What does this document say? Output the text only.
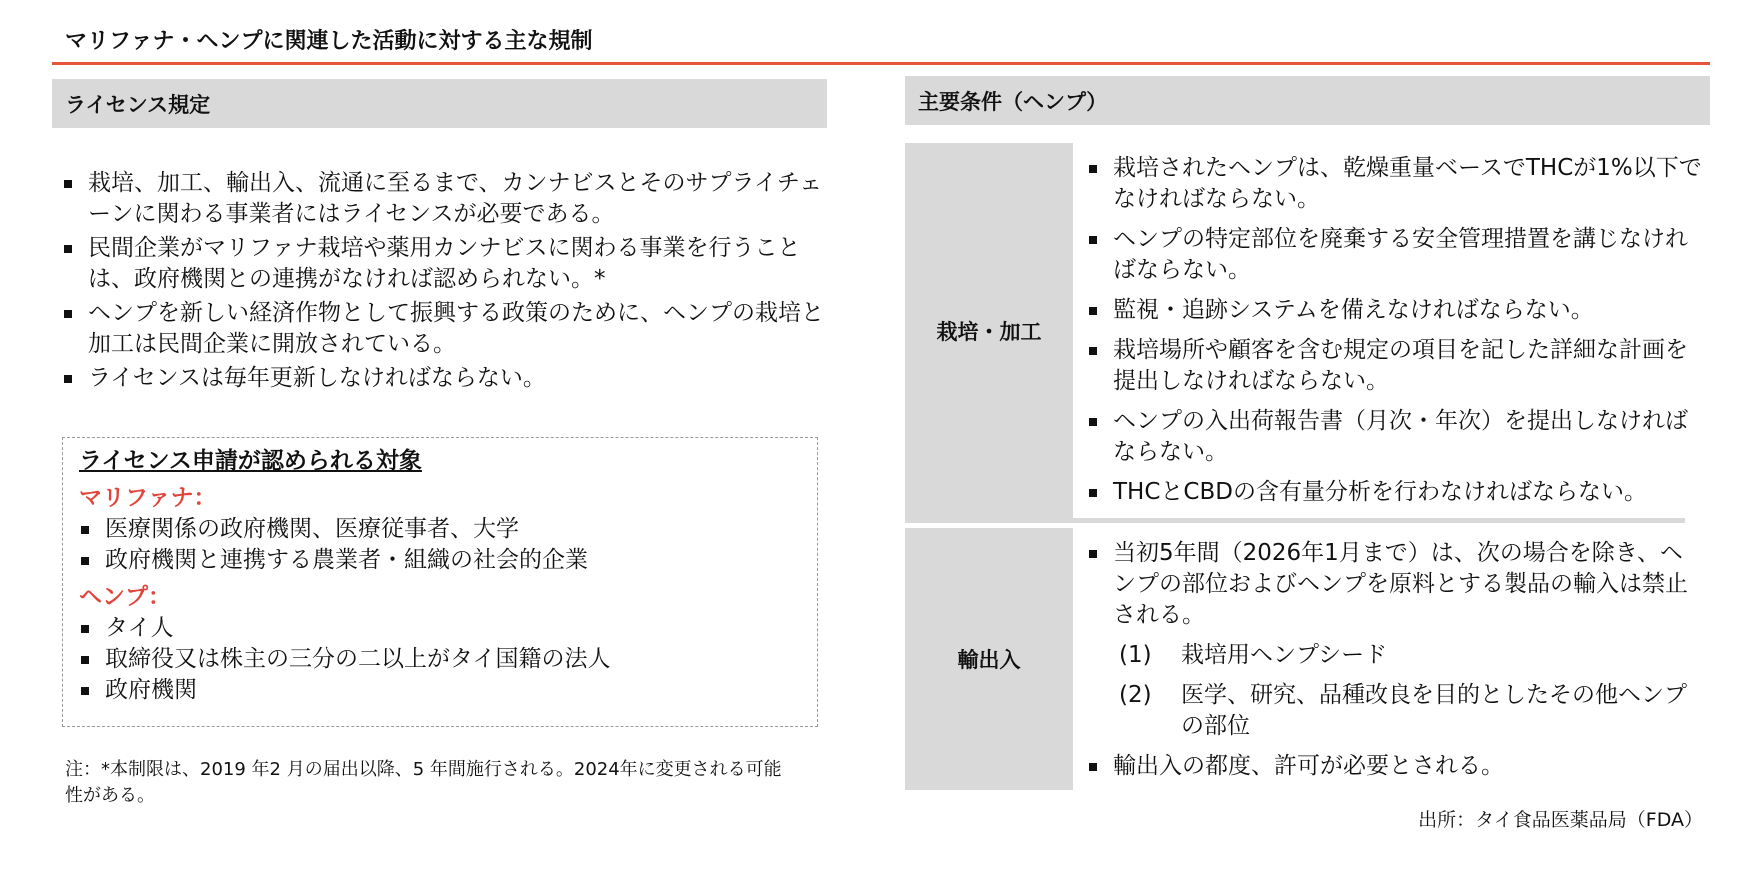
マリファナ・ヘンプに関連した活動に対する主な規制
ライセンス規定
栽培、加工、輸出入、流通に至るまで、カンナビスとそのサプライチェーンに関わる事業者にはライセンスが必要である。
民間企業がマリファナ栽培や薬用カンナビスに関わる事業を行うことは、政府機関との連携がなければ認められない。*
ヘンプを新しい経済作物として振興する政策のために、ヘンプの栽培と加工は民間企業に開放されている。
ライセンスは毎年更新しなければならない。
ライセンス申請が認められる対象
マリファナ：
医療関係の政府機関、医療従事者、大学
政府機関と連携する農業者・組織の社会的企業
ヘンプ：
タイ人
取締役又は株主の三分の二以上がタイ国籍の法人
政府機関
注：*本制限は、2019 年2 月の届出以降、5 年間施行される。2024年に変更される可能性がある。
主要条件（ヘンプ）
栽培・加工
栽培されたヘンプは、乾燥重量ベースでTHCが1%以下でなければならない。
ヘンプの特定部位を廃棄する安全管理措置を講じなければならない。
監視・追跡システムを備えなければならない。
栽培場所や顧客を含む規定の項目を記した詳細な計画を提出しなければならない。
ヘンプの入出荷報告書（月次・年次）を提出しなければならない。
THCとCBDの含有量分析を行わなければならない。
輸出入
当初5年間（2026年1月まで）は、次の場合を除き、ヘンプの部位およびヘンプを原料とする製品の輸入は禁止される。
(1)	栽培用ヘンプシード
(2)	医学、研究、品種改良を目的としたその他ヘンプの部位
輸出入の都度、許可が必要とされる。
出所：タイ食品医薬品局（FDA）
